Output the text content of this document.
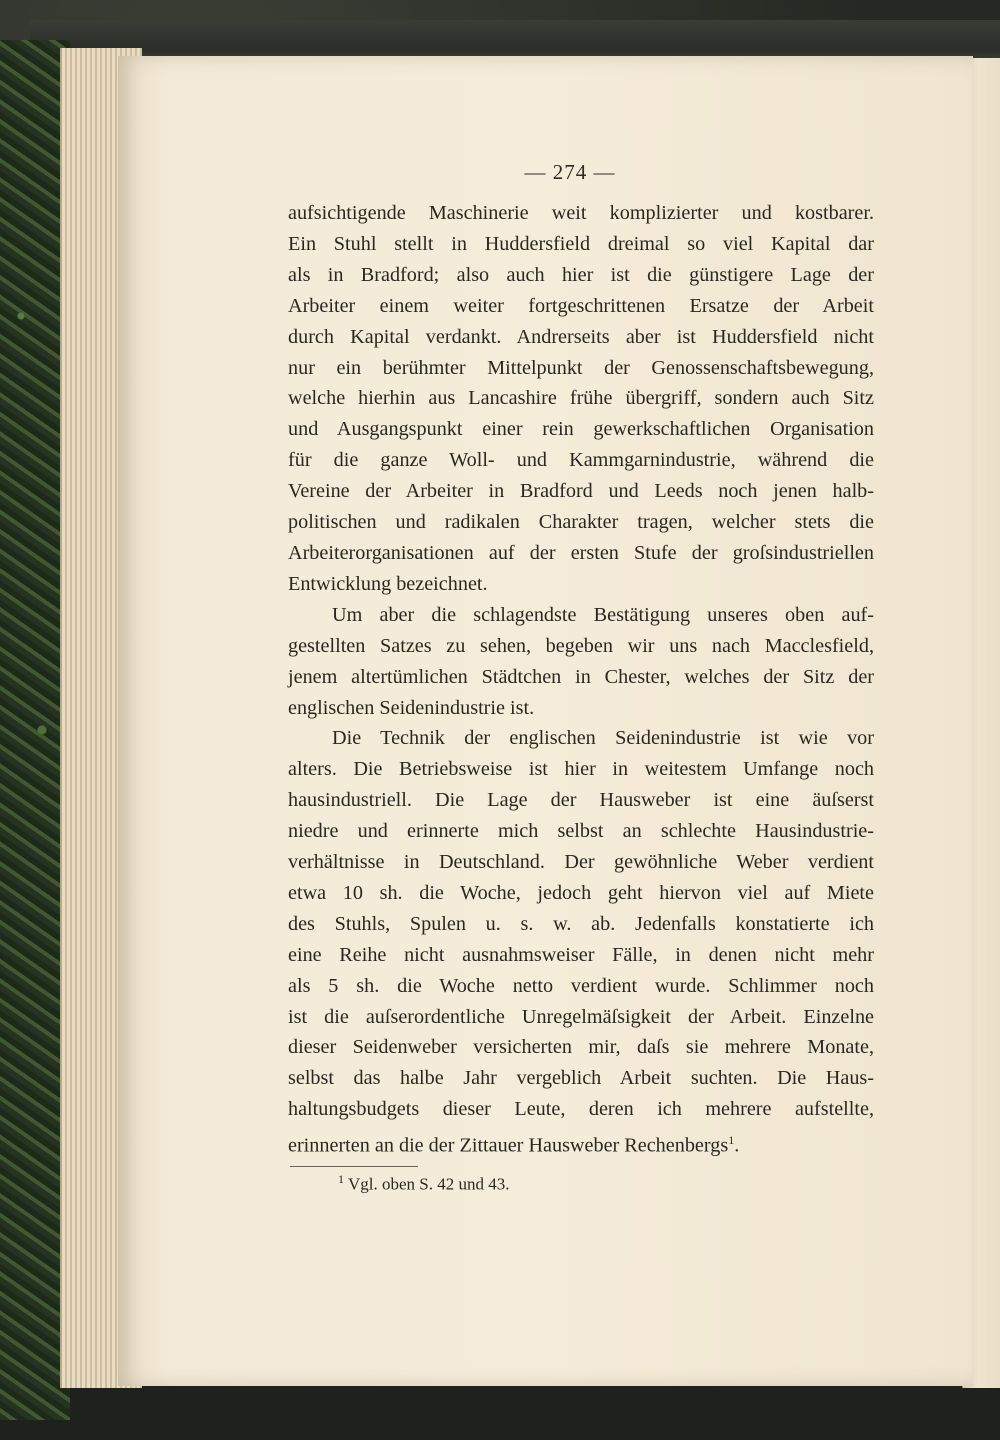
— 274 —

aufsichtigende Maschinerie weit komplizierter und kostbarer.
Ein Stuhl stellt in Huddersfield dreimal so viel Kapital dar
als in Bradford; also auch hier ist die günstigere Lage der
Arbeiter einem weiter fortgeschrittenen Ersatze der Arbeit
durch Kapital verdankt. Andrerseits aber ist Huddersfield nicht
nur ein berühmter Mittelpunkt der Genossenschaftsbewegung,
welche hierhin aus Lancashire frühe übergriff, sondern auch Sitz
und Ausgangspunkt einer rein gewerkschaftlichen Organisation
für die ganze Woll- und Kammgarnindustrie, während die
Vereine der Arbeiter in Bradford und Leeds noch jenen halb-
politischen und radikalen Charakter tragen, welcher stets die
Arbeiterorganisationen auf der ersten Stufe der groſsindustriellen
Entwicklung bezeichnet.

Um aber die schlagendste Bestätigung unseres oben auf-
gestellten Satzes zu sehen, begeben wir uns nach Macclesfield,
jenem altertümlichen Städtchen in Chester, welches der Sitz der
englischen Seidenindustrie ist.

Die Technik der englischen Seidenindustrie ist wie vor
alters. Die Betriebsweise ist hier in weitestem Umfange noch
hausindustriell. Die Lage der Hausweber ist eine äuſserst
niedre und erinnerte mich selbst an schlechte Hausindustrie-
verhältnisse in Deutschland. Der gewöhnliche Weber verdient
etwa 10 sh. die Woche, jedoch geht hiervon viel auf Miete
des Stuhls, Spulen u. s. w. ab. Jedenfalls konstatierte ich
eine Reihe nicht ausnahmsweiser Fälle, in denen nicht mehr
als 5 sh. die Woche netto verdient wurde. Schlimmer noch
ist die auſserordentliche Unregelmäſsigkeit der Arbeit. Einzelne
dieser Seidenweber versicherten mir, daſs sie mehrere Monate,
selbst das halbe Jahr vergeblich Arbeit suchten. Die Haus-
haltungsbudgets dieser Leute, deren ich mehrere aufstellte,
erinnerten an die der Zittauer Hausweber Rechenbergs$^1$.

$^1$ Vgl. oben S. 42 und 43.
